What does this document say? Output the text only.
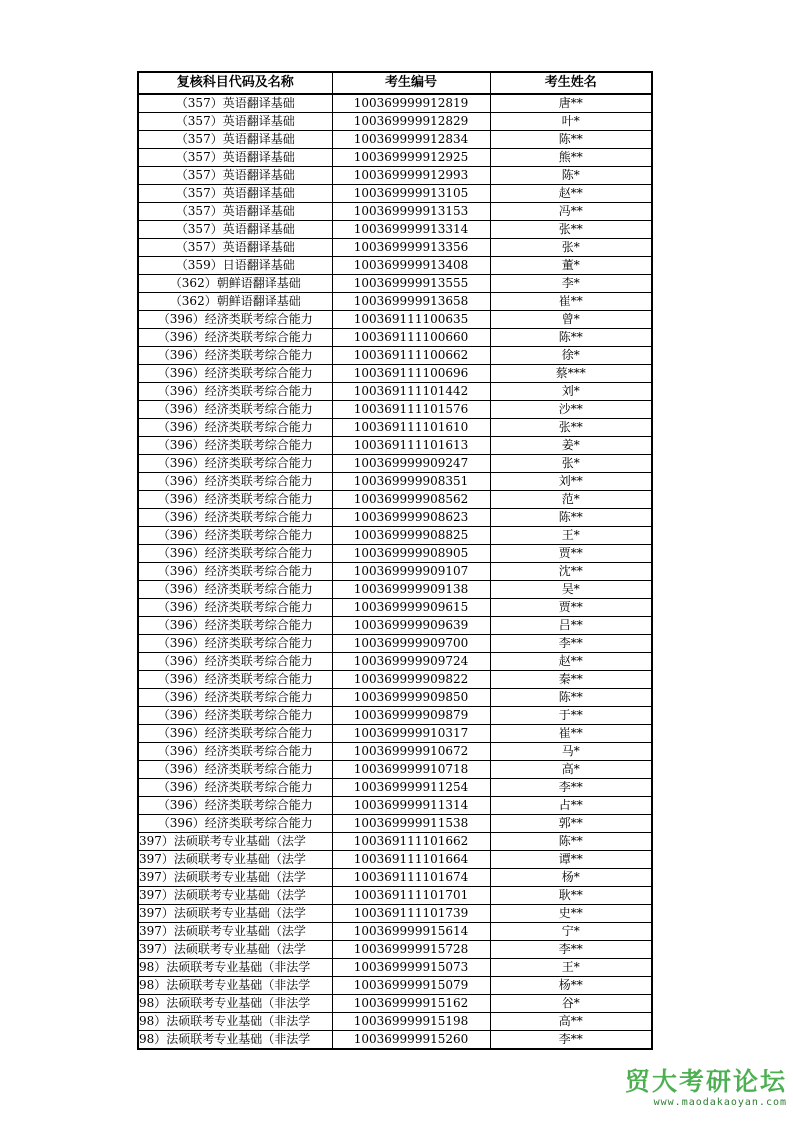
复核科目代码及名称	考生编号	考生姓名
（357）英语翻译基础	100369999912819	唐**
（357）英语翻译基础	100369999912829	叶*
（357）英语翻译基础	100369999912834	陈**
（357）英语翻译基础	100369999912925	熊**
（357）英语翻译基础	100369999912993	陈*
（357）英语翻译基础	100369999913105	赵**
（357）英语翻译基础	100369999913153	冯**
（357）英语翻译基础	100369999913314	张**
（357）英语翻译基础	100369999913356	张*
（359）日语翻译基础	100369999913408	董*
（362）朝鲜语翻译基础	100369999913555	李*
（362）朝鲜语翻译基础	100369999913658	崔**
（396）经济类联考综合能力	100369111100635	曾*
（396）经济类联考综合能力	100369111100660	陈**
（396）经济类联考综合能力	100369111100662	徐*
（396）经济类联考综合能力	100369111100696	蔡***
（396）经济类联考综合能力	100369111101442	刘*
（396）经济类联考综合能力	100369111101576	沙**
（396）经济类联考综合能力	100369111101610	张**
（396）经济类联考综合能力	100369111101613	姜*
（396）经济类联考综合能力	100369999909247	张*
（396）经济类联考综合能力	100369999908351	刘**
（396）经济类联考综合能力	100369999908562	范*
（396）经济类联考综合能力	100369999908623	陈**
（396）经济类联考综合能力	100369999908825	王*
（396）经济类联考综合能力	100369999908905	贾**
（396）经济类联考综合能力	100369999909107	沈**
（396）经济类联考综合能力	100369999909138	吴*
（396）经济类联考综合能力	100369999909615	贾**
（396）经济类联考综合能力	100369999909639	吕**
（396）经济类联考综合能力	100369999909700	李**
（396）经济类联考综合能力	100369999909724	赵**
（396）经济类联考综合能力	100369999909822	秦**
（396）经济类联考综合能力	100369999909850	陈**
（396）经济类联考综合能力	100369999909879	于**
（396）经济类联考综合能力	100369999910317	崔**
（396）经济类联考综合能力	100369999910672	马*
（396）经济类联考综合能力	100369999910718	高*
（396）经济类联考综合能力	100369999911254	李**
（396）经济类联考综合能力	100369999911314	占**
（396）经济类联考综合能力	100369999911538	郭**
397）法硕联考专业基础（法学	100369111101662	陈**
397）法硕联考专业基础（法学	100369111101664	谭**
397）法硕联考专业基础（法学	100369111101674	杨*
397）法硕联考专业基础（法学	100369111101701	耿**
397）法硕联考专业基础（法学	100369111101739	史**
397）法硕联考专业基础（法学	100369999915614	宁*
397）法硕联考专业基础（法学	100369999915728	李**
98）法硕联考专业基础（非法学	100369999915073	王*
98）法硕联考专业基础（非法学	100369999915079	杨**
98）法硕联考专业基础（非法学	100369999915162	谷*
98）法硕联考专业基础（非法学	100369999915198	高**
98）法硕联考专业基础（非法学	100369999915260	李**
贸大考研论坛
www.maodakaoyan.com
